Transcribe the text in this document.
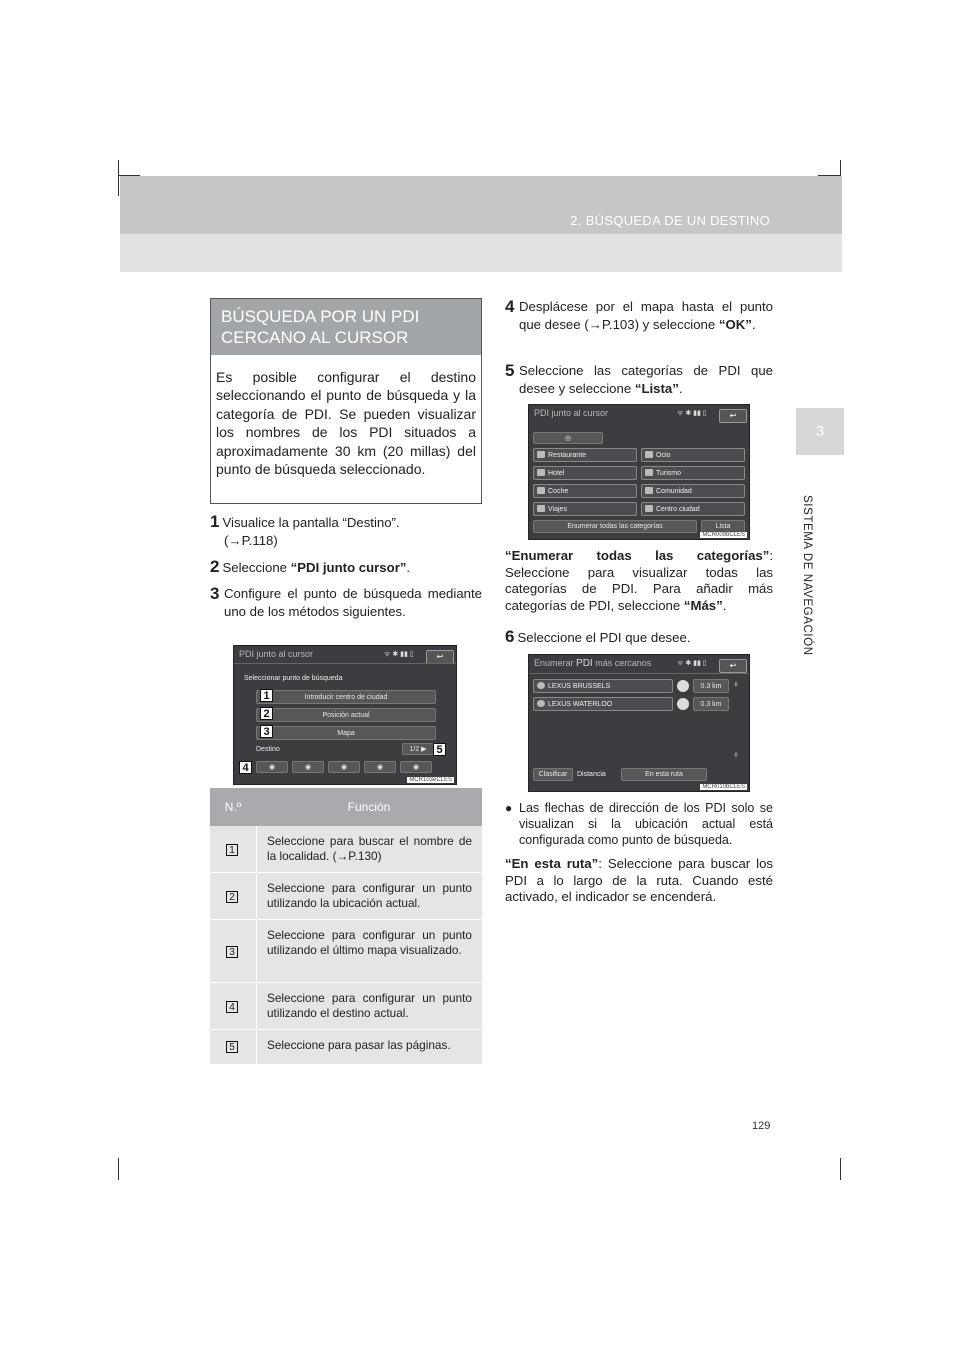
2. BÚSQUEDA DE UN DESTINO
3
SISTEMA DE NAVEGACIÓN
BÚSQUEDA POR UN PDI CERCANO AL CURSOR
Es posible configurar el destino seleccionando el punto de búsqueda y la categoría de PDI. Se pueden visualizar los nombres de los PDI situados a aproximadamente 30 km (20 millas) del punto de búsqueda seleccionado.
1 Visualice la pantalla “Destino”.
(→P.118)
2 Seleccione “PDI junto cursor”.
3 Configure el punto de búsqueda mediante uno de los métodos siguientes.
PDI junto al cursor	ᯤ ✱ ▮▮ ▯	↩
Seleccionar punto de búsqueda
Introducir centro de ciudad
Posición actual
Mapa
Destino	1/2 ▶
◉	◉	◉	◉	◉
1
2
3
4
5
MCR103eCLES
N.º	Función
1
Seleccione para buscar el nombre de la localidad. (→P.130)
2
Seleccione para configurar un punto utilizando la ubicación actual.
3
Seleccione para configurar un punto utilizando el último mapa visualizado.
4
Seleccione para configurar un punto utilizando el destino actual.
5	Seleccione para pasar las páginas.
4 Desplácese por el mapa hasta el punto que desee (→P.103) y seleccione “OK”.
5 Seleccione las categorías de PDI que desee y seleccione “Lista”.
PDI junto al cursor	ᯤ ✱ ▮▮ ▯	↩
◎
Restaurante	Ocio
Hotel	Turismo
Coche	Comunidad
Viajes	Centro ciudad
Enumerar todas las categorías	Lista
MCR009bCLES
“Enumerar todas las categorías”: Seleccione para visualizar todas las categorías de PDI. Para añadir más categorías de PDI, seleccione “Más”.
6 Seleccione el PDI que desee.
Enumerar PDI más cercanos	ᯤ ✱ ▮▮ ▯	↩
LEXUS BRUSSELS	0.3 km
LEXUS WATERLOO	0.3 km
⇞
⇟
Clasificar	Distancia	En esta ruta
MCR010bCLES
● Las flechas de dirección de los PDI solo se visualizan si la ubicación actual está configurada como punto de búsqueda.
“En esta ruta”: Seleccione para buscar los PDI a lo largo de la ruta. Cuando esté activado, el indicador se encenderá.
129
